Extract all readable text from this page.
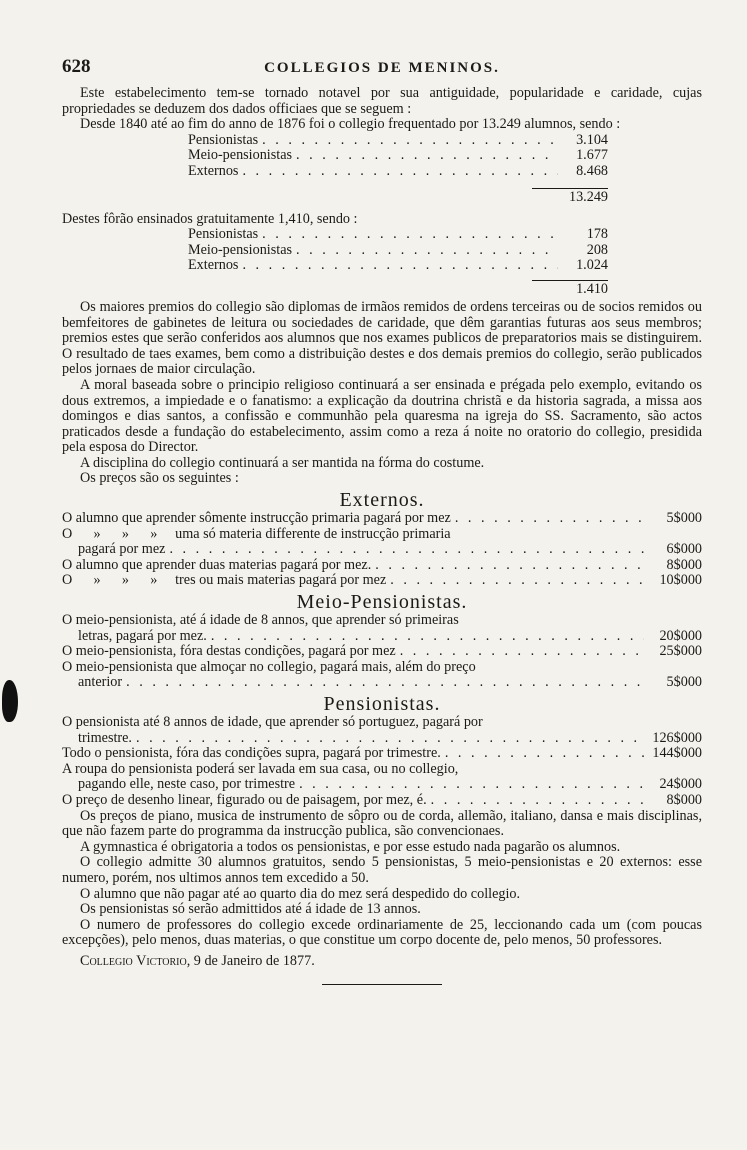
628	COLLEGIOS DE MENINOS.

Este estabelecimento tem-se tornado notavel por sua antiguidade, popularidade e caridade, cujas propriedades se deduzem dos dados officiaes que se seguem :

Desde 1840 até ao fim do anno de 1876 foi o collegio frequentado por 13.249 alumnos, sendo :

Pensionistas . . .	3.104
Meio-pensionistas . . .	1.677
Externos . . .	8.468
13.249

Destes fôrão ensinados gratuitamente 1,410, sendo :

Pensionistas . . .	178
Meio-pensionistas . . .	208
Externos . . .	1.024
1.410

Os maiores premios do collegio são diplomas de irmãos remidos de ordens terceiras ou de socios remidos ou bemfeitores de gabinetes de leitura ou sociedades de caridade, que dêm garantias futuras aos seus membros; premios estes que serão conferidos aos alumnos que nos exames publicos de preparatorios mais se distinguirem. O resultado de taes exames, bem como a distribuição destes e dos demais premios do collegio, serão publicados pelos jornaes de maior circulação.

A moral baseada sobre o principio religioso continuará a ser ensinada e prégada pelo exemplo, evitando os dous extremos, a impiedade e o fanatismo: a explicação da doutrina christã e da historia sagrada, a missa aos domingos e dias santos, a confissão e communhão pela quaresma na igreja do SS. Sacramento, são actos praticados desde a fundação do estabelecimento, assim como a reza á noite no oratorio do collegio, presidida pela esposa do Director.

A disciplina do collegio continuará a ser mantida na fórma do costume.

Os preços são os seguintes :

Externos.
O alumno que aprender sômente instrucção primaria pagará por mez . . .	5$000

O      »      »      »     uma só materia differente de instrucção primaria

pagará por mez . . .	6$000
O alumno que aprender duas materias pagará por mez. . . .	8$000
O      »      »      »     tres ou mais materias pagará por mez . . .	10$000
Meio-Pensionistas.

O meio-pensionista, até á idade de 8 annos, que aprender só primeiras

letras, pagará por mez. . . .	20$000
O meio-pensionista, fóra destas condições, pagará por mez . . .	25$000

O meio-pensionista que almoçar no collegio, pagará mais, além do preço

anterior . . .	5$000
Pensionistas.

O pensionista até 8 annos de idade, que aprender só portuguez, pagará por

trimestre. . . .	126$000
Todo o pensionista, fóra das condições supra, pagará por trimestre. . . .	144$000

A roupa do pensionista poderá ser lavada em sua casa, ou no collegio,

pagando elle, neste caso, por trimestre . . .	24$000
O preço de desenho linear, figurado ou de paisagem, por mez, é. . . .	8$000

Os preços de piano, musica de instrumento de sôpro ou de corda, allemão, italiano, dansa e mais disciplinas, que não fazem parte do programma da instrucção publica, são convencionaes.

A gymnastica é obrigatoria a todos os pensionistas, e por esse estudo nada pagarão os alumnos.

O collegio admitte 30 alumnos gratuitos, sendo 5 pensionistas, 5 meio-pensionistas e 20 externos: esse numero, porém, nos ultimos annos tem excedido a 50.

O alumno que não pagar até ao quarto dia do mez será despedido do collegio.

Os pensionistas só serão admittidos até á idade de 13 annos.

O numero de professores do collegio excede ordinariamente de 25, leccionando cada um (com poucas excepções), pelo menos, duas materias, o que constitue um corpo docente de, pelo menos, 50 professores.

Collegio Victorio, 9 de Janeiro de 1877.
